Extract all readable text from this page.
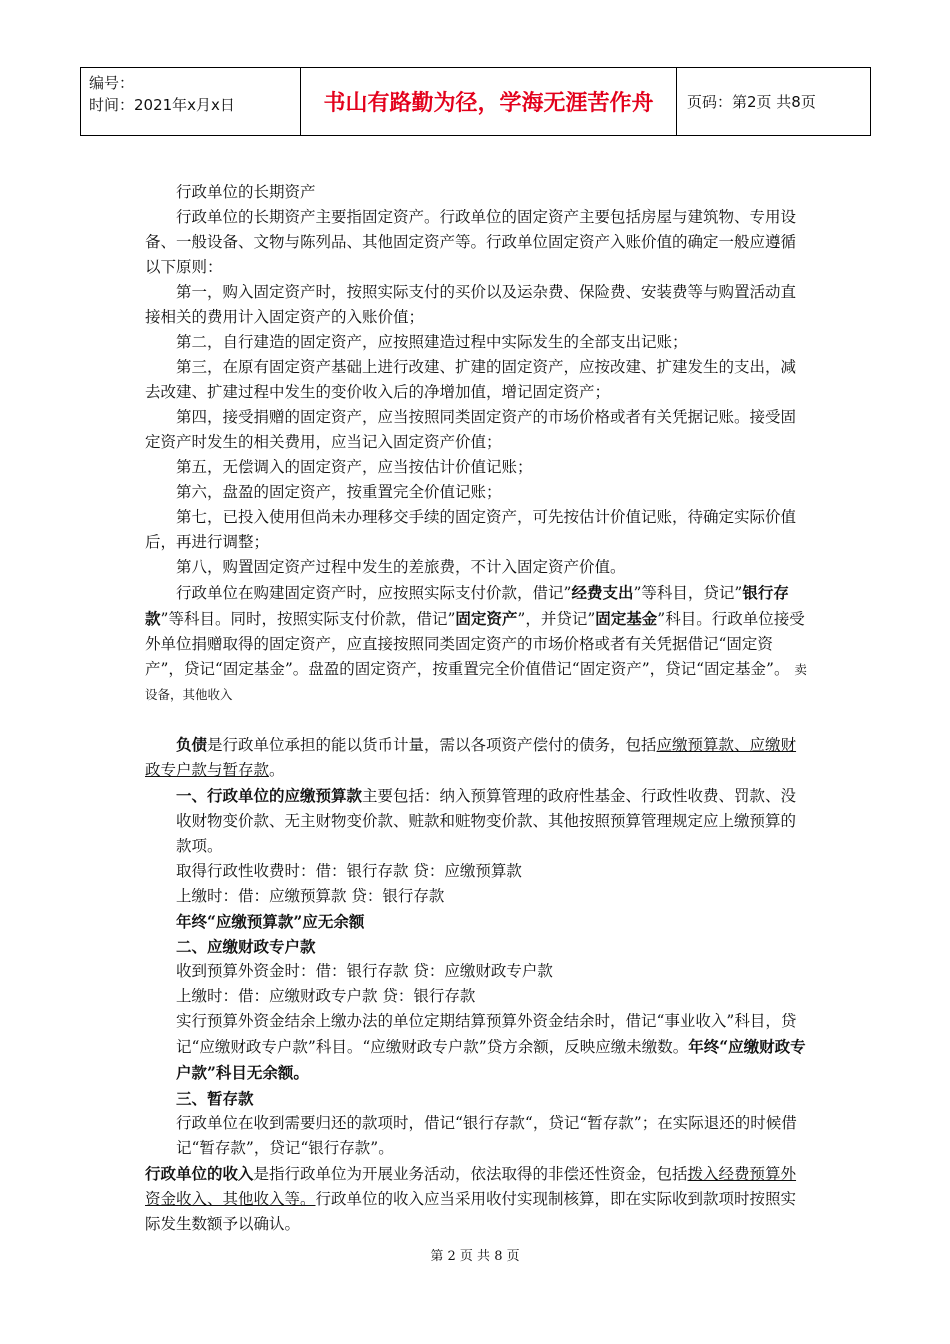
编号：
时间：2021年x月x日	书山有路勤为径，学海无涯苦作舟	页码：第2页 共8页

行政单位的长期资产

行政单位的长期资产主要指固定资产。行政单位的固定资产主要包括房屋与建筑物、专用设备、一般设备、文物与陈列品、其他固定资产等。行政单位固定资产入账价值的确定一般应遵循以下原则：

第一，购入固定资产时，按照实际支付的买价以及运杂费、保险费、安装费等与购置活动直接相关的费用计入固定资产的入账价值；

第二，自行建造的固定资产，应按照建造过程中实际发生的全部支出记账；

第三，在原有固定资产基础上进行改建、扩建的固定资产，应按改建、扩建发生的支出，减去改建、扩建过程中发生的变价收入后的净增加值，增记固定资产；

第四，接受捐赠的固定资产，应当按照同类固定资产的市场价格或者有关凭据记账。接受固定资产时发生的相关费用，应当记入固定资产价值；

第五，无偿调入的固定资产，应当按估计价值记账；

第六，盘盈的固定资产，按重置完全价值记账；

第七，已投入使用但尚未办理移交手续的固定资产，可先按估计价值记账，待确定实际价值后，再进行调整；

第八，购置固定资产过程中发生的差旅费，不计入固定资产价值。

行政单位在购建固定资产时，应按照实际支付价款，借记”经费支出”等科目，贷记”银行存款”等科目。同时，按照实际支付价款，借记”固定资产”，并贷记”固定基金”科目。行政单位接受外单位捐赠取得的固定资产，应直接按照同类固定资产的市场价格或者有关凭据借记“固定资产”，贷记“固定基金”。盘盈的固定资产，按重置完全价值借记“固定资产”，贷记“固定基金”。 卖设备，其他收入

负债是行政单位承担的能以货币计量，需以各项资产偿付的债务，包括应缴预算款、应缴财政专户款与暂存款。

一、行政单位的应缴预算款主要包括：纳入预算管理的政府性基金、行政性收费、罚款、没收财物变价款、无主财物变价款、赃款和赃物变价款、其他按照预算管理规定应上缴预算的款项。

取得行政性收费时：借：银行存款 贷：应缴预算款

上缴时：借：应缴预算款 贷：银行存款

年终“应缴预算款”应无余额

二、应缴财政专户款

收到预算外资金时：借：银行存款 贷：应缴财政专户款

上缴时：借：应缴财政专户款 贷：银行存款

实行预算外资金结余上缴办法的单位定期结算预算外资金结余时，借记“事业收入”科目，贷记“应缴财政专户款”科目。“应缴财政专户款”贷方余额，反映应缴未缴数。年终“应缴财政专户款”科目无余额。

三、暂存款

行政单位在收到需要归还的款项时，借记“银行存款“，贷记“暂存款”；在实际退还的时候借记“暂存款”，贷记“银行存款”。

行政单位的收入是指行政单位为开展业务活动，依法取得的非偿还性资金，包括拨入经费预算外资金收入、其他收入等。行政单位的收入应当采用收付实现制核算，即在实际收到款项时按照实际发生数额予以确认。

第 2 页 共 8 页
